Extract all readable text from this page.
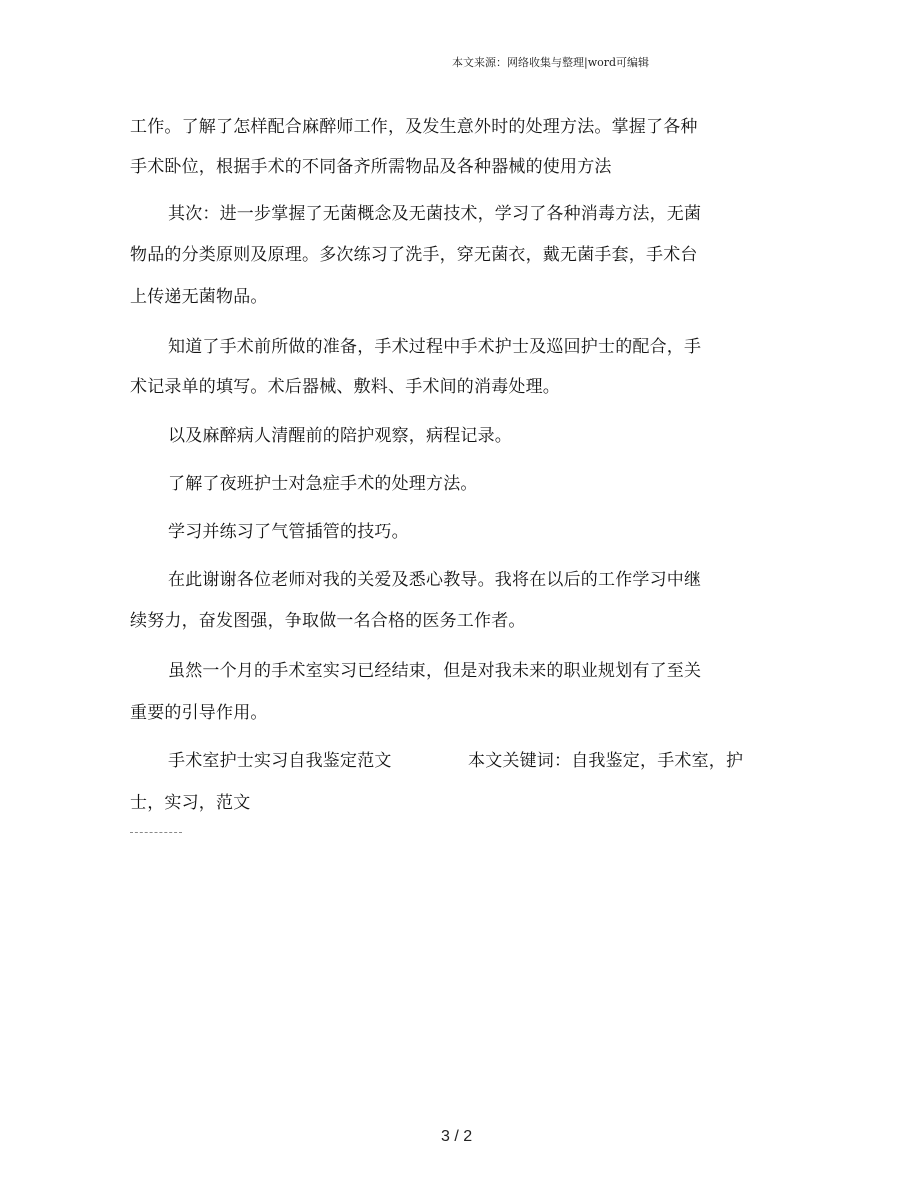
本文来源：网络收集与整理|word可编辑
工作。了解了怎样配合麻醉师工作，及发生意外时的处理方法。掌握了各种
手术卧位，根据手术的不同备齐所需物品及各种器械的使用方法
其次：进一步掌握了无菌概念及无菌技术，学习了各种消毒方法，无菌
物品的分类原则及原理。多次练习了洗手，穿无菌衣，戴无菌手套，手术台
上传递无菌物品。
知道了手术前所做的准备，手术过程中手术护士及巡回护士的配合，手
术记录单的填写。术后器械、敷料、手术间的消毒处理。
以及麻醉病人清醒前的陪护观察，病程记录。
了解了夜班护士对急症手术的处理方法。
学习并练习了气管插管的技巧。
在此谢谢各位老师对我的关爱及悉心教导。我将在以后的工作学习中继
续努力，奋发图强，争取做一名合格的医务工作者。
虽然一个月的手术室实习已经结束，但是对我未来的职业规划有了至关
重要的引导作用。
手术室护士实习自我鉴定范文	本文关键词：自我鉴定，手术室，护
士，实习，范文
3 / 2
